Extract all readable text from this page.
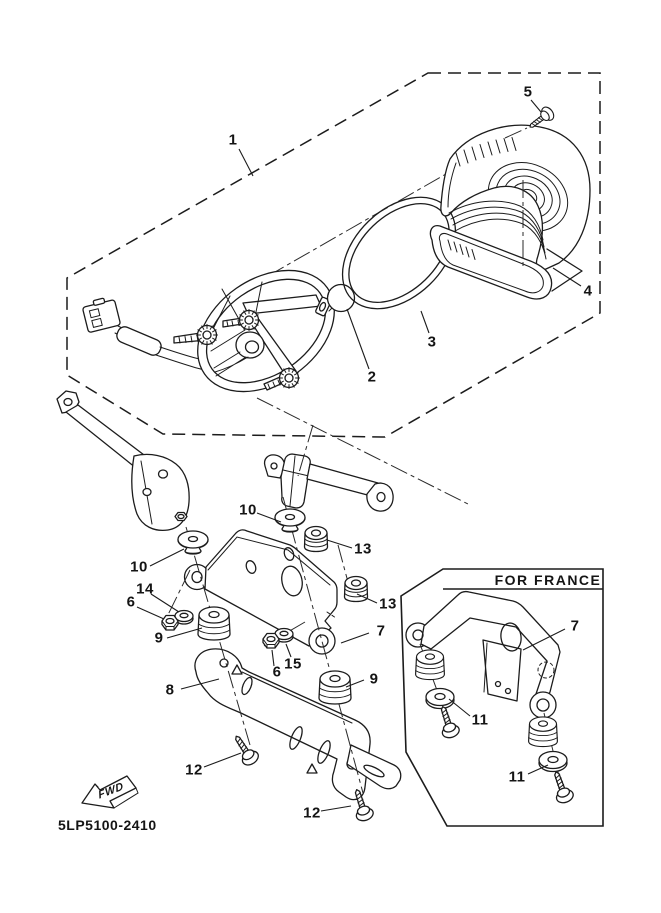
1
2
3
4
5
10
10
13
13
14
6
9
8
7
15
6	9
12
12
7
11
11
FOR FRANCE
FWD
5LP5100-2410
